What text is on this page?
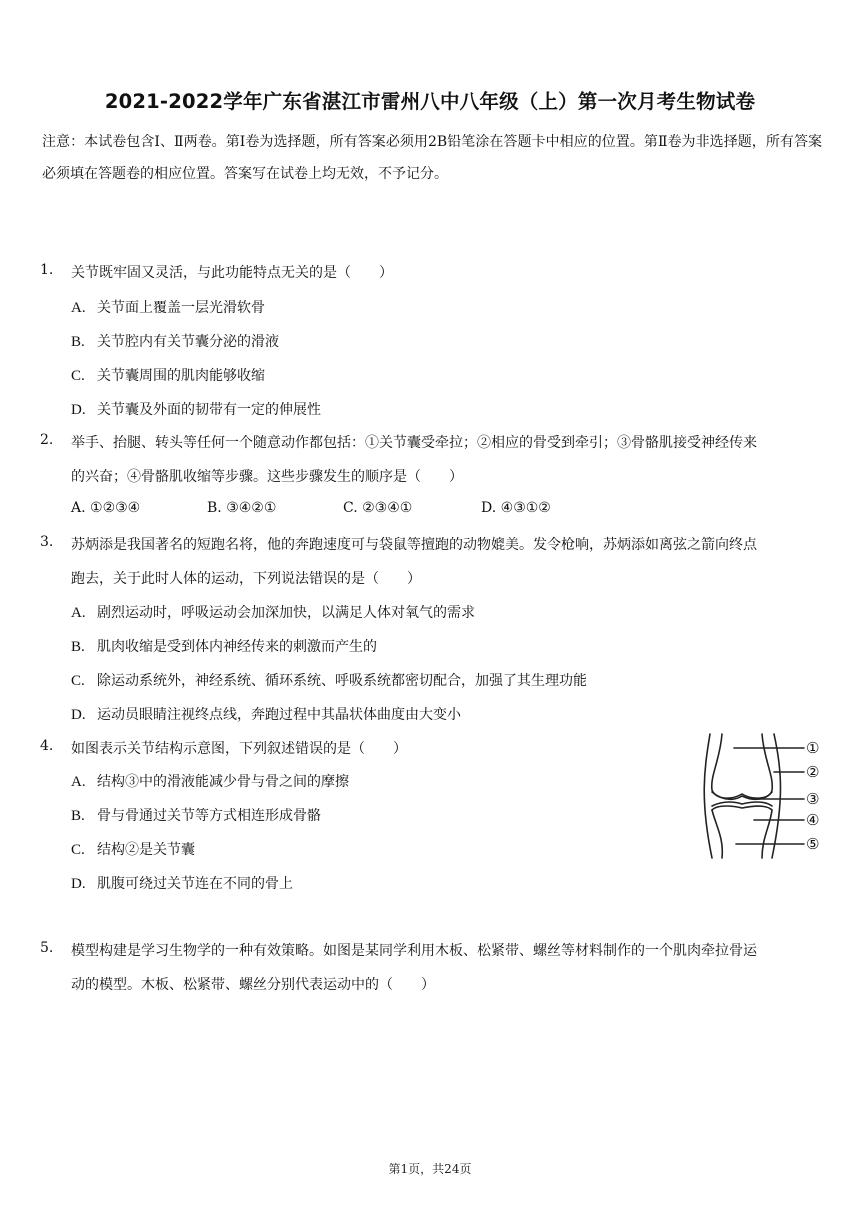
2021-2022学年广东省湛江市雷州八中八年级（上）第一次月考生物试卷
注意：本试卷包含Ⅰ、Ⅱ两卷。第Ⅰ卷为选择题，所有答案必须用2B铅笔涂在答题卡中相应的位置。第Ⅱ卷为非选择题，所有答案必须填在答题卷的相应位置。答案写在试卷上均无效，不予记分。
1.	关节既牢固又灵活，与此功能特点无关的是（　　）
A. 关节面上覆盖一层光滑软骨
B. 关节腔内有关节囊分泌的滑液
C. 关节囊周围的肌肉能够收缩
D. 关节囊及外面的韧带有一定的伸展性
2.	举手、抬腿、转头等任何一个随意动作都包括：①关节囊受牵拉；②相应的骨受到牵引；③骨骼肌接受神经传来
的兴奋；④骨骼肌收缩等步骤。这些步骤发生的顺序是（　　）
A. ①②③④	B. ③④②①	C. ②③④①	D. ④③①②
3.	苏炳添是我国著名的短跑名将，他的奔跑速度可与袋鼠等擅跑的动物媲美。发令枪响，苏炳添如离弦之箭向终点
跑去，关于此时人体的运动，下列说法错误的是（　　）
A. 剧烈运动时，呼吸运动会加深加快，以满足人体对氧气的需求
B. 肌肉收缩是受到体内神经传来的刺激而产生的
C. 除运动系统外，神经系统、循环系统、呼吸系统都密切配合，加强了其生理功能
D. 运动员眼睛注视终点线，奔跑过程中其晶状体曲度由大变小
4.	如图表示关节结构示意图，下列叙述错误的是（　　）
A. 结构③中的滑液能减少骨与骨之间的摩擦
B. 骨与骨通过关节等方式相连形成骨骼
C. 结构②是关节囊
D. 肌腹可绕过关节连在不同的骨上
①
②
③
④
⑤
5.	模型构建是学习生物学的一种有效策略。如图是某同学利用木板、松紧带、螺丝等材料制作的一个肌肉牵拉骨运
动的模型。木板、松紧带、螺丝分别代表运动中的（　　）
第1页，共24页
